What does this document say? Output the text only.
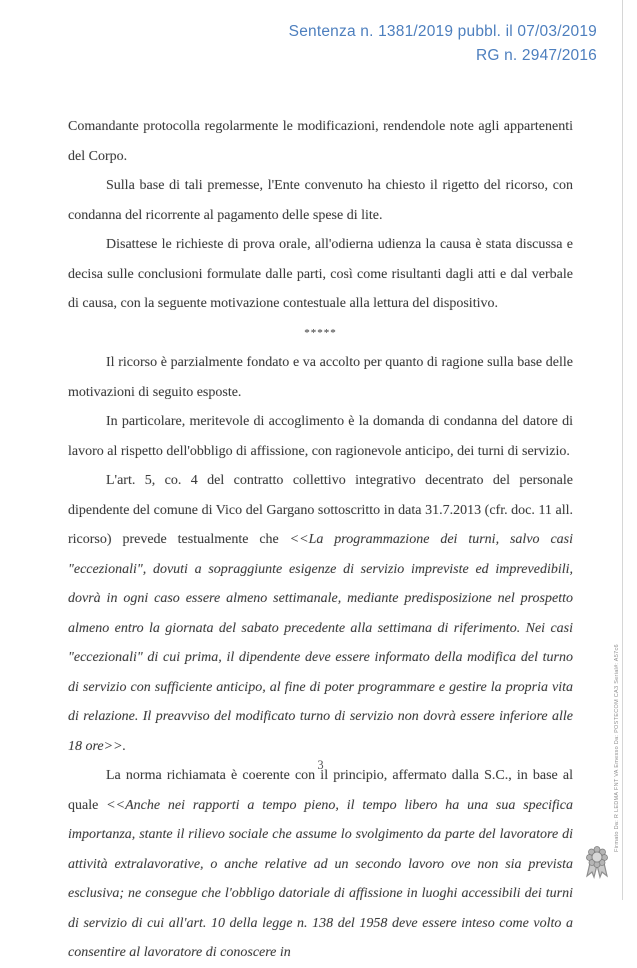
Sentenza n. 1381/2019 pubbl. il 07/03/2019
RG n. 2947/2016

Comandante protocolla regolarmente le modificazioni, rendendole note agli appartenenti del Corpo.

Sulla base di tali premesse, l'Ente convenuto ha chiesto il rigetto del ricorso, con condanna del ricorrente al pagamento delle spese di lite.

Disattese le richieste di prova orale, all'odierna udienza la causa è stata discussa e decisa sulle conclusioni formulate dalle parti, così come risultanti dagli atti e dal verbale di causa, con la seguente motivazione contestuale alla lettura del dispositivo.

*****

Il ricorso è parzialmente fondato e va accolto per quanto di ragione sulla base delle motivazioni di seguito esposte.

In particolare, meritevole di accoglimento è la domanda di condanna del datore di lavoro al rispetto dell'obbligo di affissione, con ragionevole anticipo, dei turni di servizio.

L'art. 5, co. 4 del contratto collettivo integrativo decentrato del personale dipendente del comune di Vico del Gargano sottoscritto in data 31.7.2013 (cfr. doc. 11 all. ricorso) prevede testualmente che <<La programmazione dei turni, salvo casi "eccezionali", dovuti a sopraggiunte esigenze di servizio impreviste ed imprevedibili, dovrà in ogni caso essere almeno settimanale, mediante predisposizione nel prospetto almeno entro la giornata del sabato precedente alla settimana di riferimento. Nei casi "eccezionali" di cui prima, il dipendente deve essere informato della modifica del turno di servizio con sufficiente anticipo, al fine di poter programmare e gestire la propria vita di relazione. Il preavviso del modificato turno di servizio non dovrà essere inferiore alle 18 ore>>.

La norma richiamata è coerente con il principio, affermato dalla S.C., in base al quale <<Anche nei rapporti a tempo pieno, il tempo libero ha una sua specifica importanza, stante il rilievo sociale che assume lo svolgimento da parte del lavoratore di attività extralavorative, o anche relative ad un secondo lavoro ove non sia prevista esclusiva; ne consegue che l'obbligo datoriale di affissione in luoghi accessibili dei turni di servizio di cui all'art. 10 della legge n. 138 del 1958 deve essere inteso come volto a consentire al lavoratore di conoscere in

3	Firmato Da: R LEDMA FNT VA Emesso Da: POSTECOM CA3 Serial#: A57c6
